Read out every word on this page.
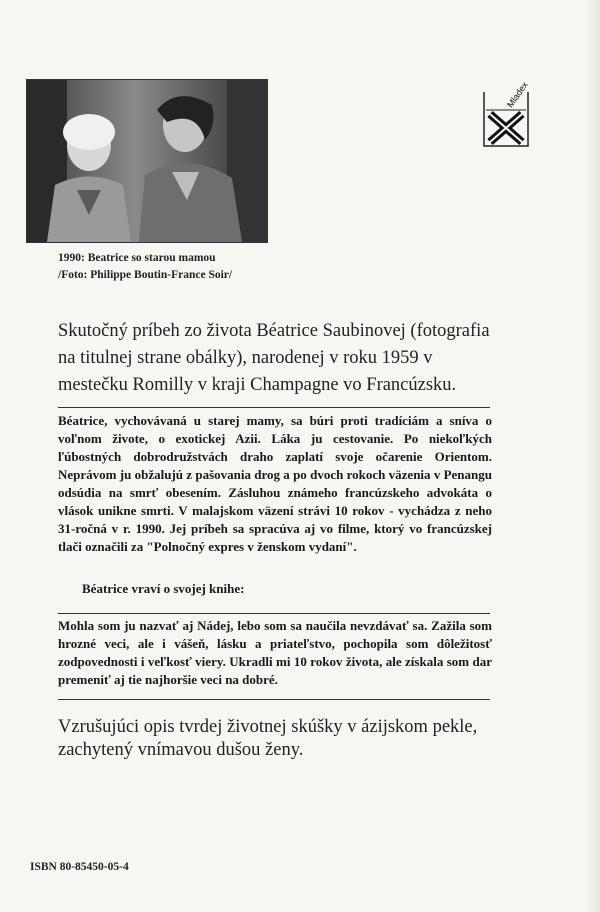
1990: Beatrice so starou mamou
/Foto: Philippe Boutin-France Soir/
Mladex
Skutočný príbeh zo života Béatrice Saubinovej (fotografia na titulnej strane obálky), narodenej v roku 1959 v mestečku Romilly v kraji Champagne vo Francúzsku.
Béatrice, vychovávaná u starej mamy, sa búri proti tradíciám a sníva o voľnom živote, o exotickej Azii. Láka ju cestovanie. Po niekoľkých ľúbostných dobrodružstvách draho zaplatí svoje očarenie Orientom. Neprávom ju obžalujú z pašovania drog a po dvoch rokoch väzenia v Penangu odsúdia na smrť obesením. Zásluhou známeho francúzskeho advokáta o vlások unikne smrti. V malajskom väzení strávi 10 rokov - vychádza z neho 31-ročná v r. 1990. Jej príbeh sa spracúva aj vo filme, ktorý vo francúzskej tlači označili za "Polnočný expres v ženskom vydaní".
Béatrice vraví o svojej knihe:
Mohla som ju nazvať aj Nádej, lebo som sa naučila nevzdávať sa. Zažila som hrozné veci, ale i vášeň, lásku a priateľstvo, pochopila som dôležitosť zodpovednosti i veľkosť viery. Ukradli mi 10 rokov života, ale získala som dar premeniť aj tie najhoršie veci na dobré.
Vzrušujúci opis tvrdej životnej skúšky v ázijskom pekle, zachytený vnímavou dušou ženy.
ISBN 80-85450-05-4
